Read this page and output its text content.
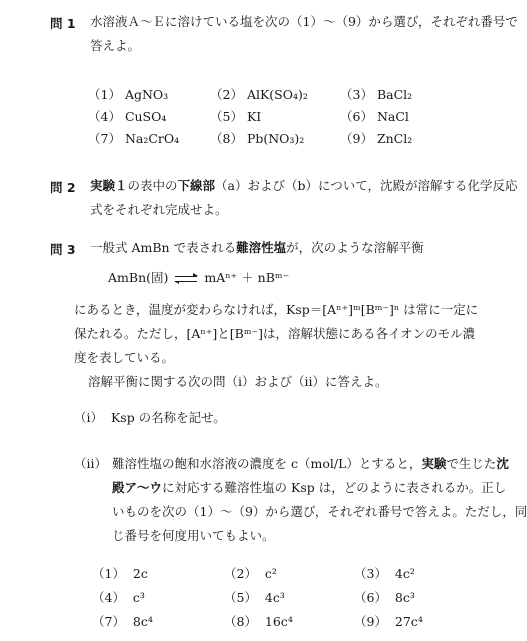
問 1 水溶液Ａ～Ｅに溶けている塩を次の（1）～（9）から選び，それぞれ番号で
答えよ。
（1） AgNO₃	（2） AlK(SO₄)₂	（3） BaCl₂
（4） CuSO₄	（5） KI	（6） NaCl
（7） Na₂CrO₄ （8） Pb(NO₃)₂	（9） ZnCl₂
問 2 実験１の表中の下線部（a）および（b）について，沈殿が溶解する化学反応
式をそれぞれ完成せよ。
問 3 一般式 AmBn で表される難溶性塩が，次のような溶解平衡
AmBn(固)	mAⁿ⁺ ＋ nBᵐ⁻
にあるとき，温度が変わらなければ，Ksp＝[Aⁿ⁺]ᵐ[Bᵐ⁻]ⁿ は常に一定に
保たれる。ただし，[Aⁿ⁺]と[Bᵐ⁻]は，溶解状態にある各イオンのモル濃
度を表している。
溶解平衡に関する次の問（ⅰ）および（ⅱ）に答えよ。
（ⅰ） Ksp の名称を記せ。
（ⅱ） 難溶性塩の飽和水溶液の濃度を c（mol/L）とすると，実験で生じた沈
殿ア～ウに対応する難溶性塩の Ksp は，どのように表されるか。正し
いものを次の（1）～（9）から選び，それぞれ番号で答えよ。ただし，同
じ番号を何度用いてもよい。
（1） 2c	（2） c²	（3） 4c²
（4） c³	（5） 4c³	（6） 8c³
（7） 8c⁴	（8） 16c⁴	（9） 27c⁴
